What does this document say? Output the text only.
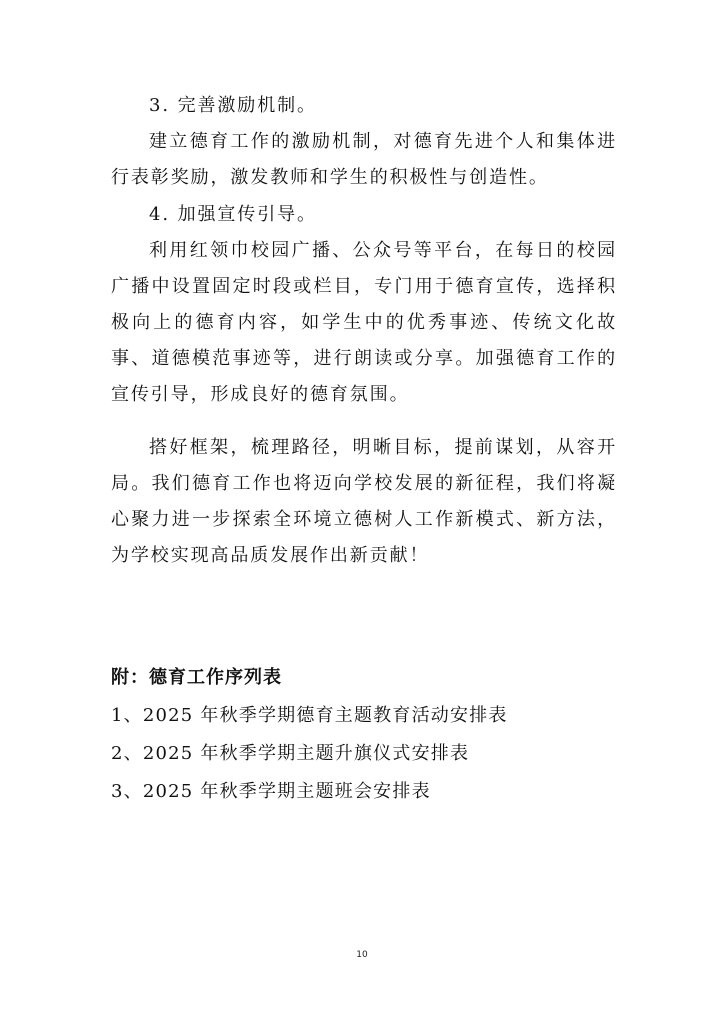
3. 完善激励机制。

建立德育工作的激励机制，对德育先进个人和集体进行表彰奖励，激发教师和学生的积极性与创造性。

4. 加强宣传引导。

利用红领巾校园广播、公众号等平台，在每日的校园广播中设置固定时段或栏目，专门用于德育宣传，选择积极向上的德育内容，如学生中的优秀事迹、传统文化故事、道德模范事迹等，进行朗读或分享。加强德育工作的宣传引导，形成良好的德育氛围。

搭好框架，梳理路径，明晰目标，提前谋划，从容开局。我们德育工作也将迈向学校发展的新征程，我们将凝心聚力进一步探索全环境立德树人工作新模式、新方法，为学校实现高品质发展作出新贡献！

附：德育工作序列表

1、2025 年秋季学期德育主题教育活动安排表
2、2025 年秋季学期主题升旗仪式安排表
3、2025 年秋季学期主题班会安排表
10
